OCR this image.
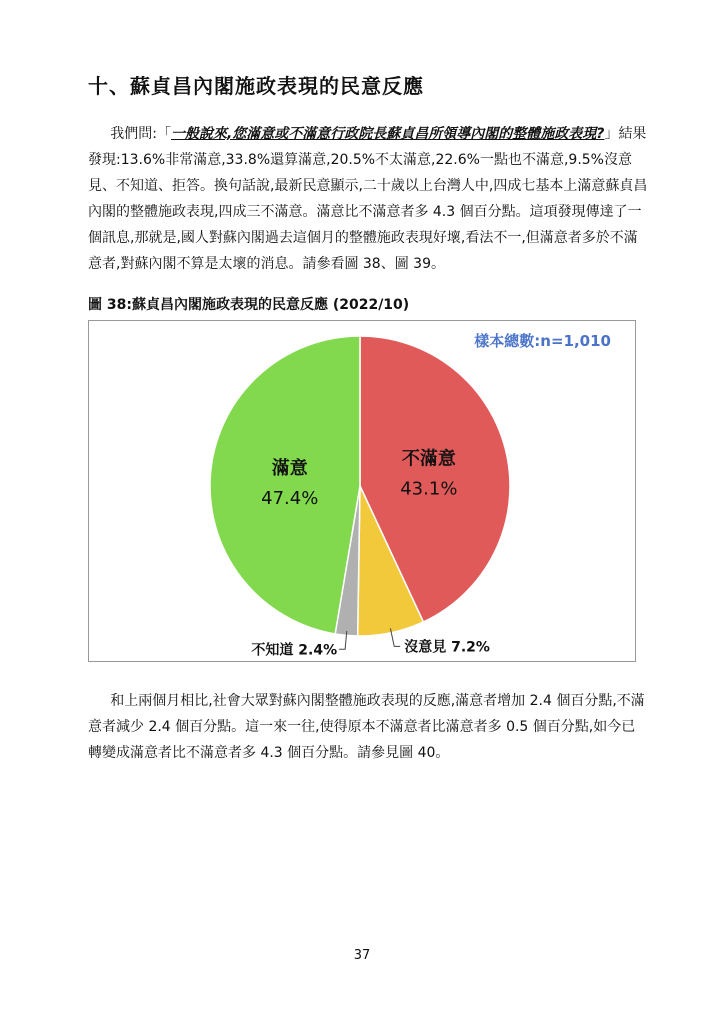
十、蘇貞昌內閣施政表現的民意反應

我們問:「一般說來,您滿意或不滿意行政院長蘇貞昌所領導內閣的整體施政表現?」結果發現:13.6%非常滿意,33.8%還算滿意,20.5%不太滿意,22.6%一點也不滿意,9.5%沒意見、不知道、拒答。換句話說,最新民意顯示,二十歲以上台灣人中,四成七基本上滿意蘇貞昌內閣的整體施政表現,四成三不滿意。滿意比不滿意者多 4.3 個百分點。這項發現傳達了一個訊息,那就是,國人對蘇內閣過去這個月的整體施政表現好壞,看法不一,但滿意者多於不滿意者,對蘇內閣不算是太壞的消息。請參看圖 38、圖 39。

圖 38:蘇貞昌內閣施政表現的民意反應 (2022/10)

不滿意
43.1%
沒意見 7.2%
不知道 2.4%
滿意
47.4%
樣本總數:n=1,010

和上兩個月相比,社會大眾對蘇內閣整體施政表現的反應,滿意者增加 2.4 個百分點,不滿意者減少 2.4 個百分點。這一來一往,使得原本不滿意者比滿意者多 0.5 個百分點,如今已轉變成滿意者比不滿意者多 4.3 個百分點。請參見圖 40。

37
